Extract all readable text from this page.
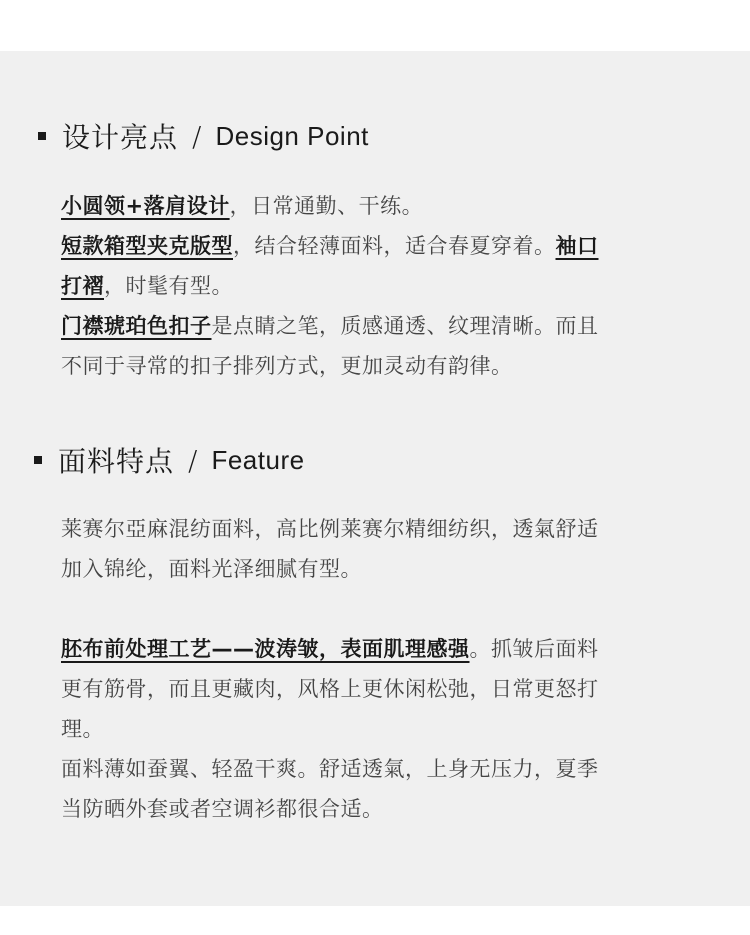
设计亮点 / Design Point

小圆领+落肩设计，日常通勤、干练。
短款箱型夹克版型，结合轻薄面料，适合春夏穿着。袖口
打褶，时髦有型。
门襟琥珀色扣子是点睛之笔，质感通透、纹理清晰。而且
不同于寻常的扣子排列方式，更加灵动有韵律。

面料特点 / Feature

莱赛尔亞麻混纺面料，高比例莱赛尔精细纺织，透氣舒适
加入锦纶，面料光泽细腻有型。

胚布前处理工艺——波涛皱，表面肌理感强。抓皱后面料
更有筋骨，而且更藏肉，风格上更休闲松弛，日常更怒打
理。
面料薄如蚕翼、轻盈干爽。舒适透氣，上身无压力，夏季
当防晒外套或者空调衫都很合适。
